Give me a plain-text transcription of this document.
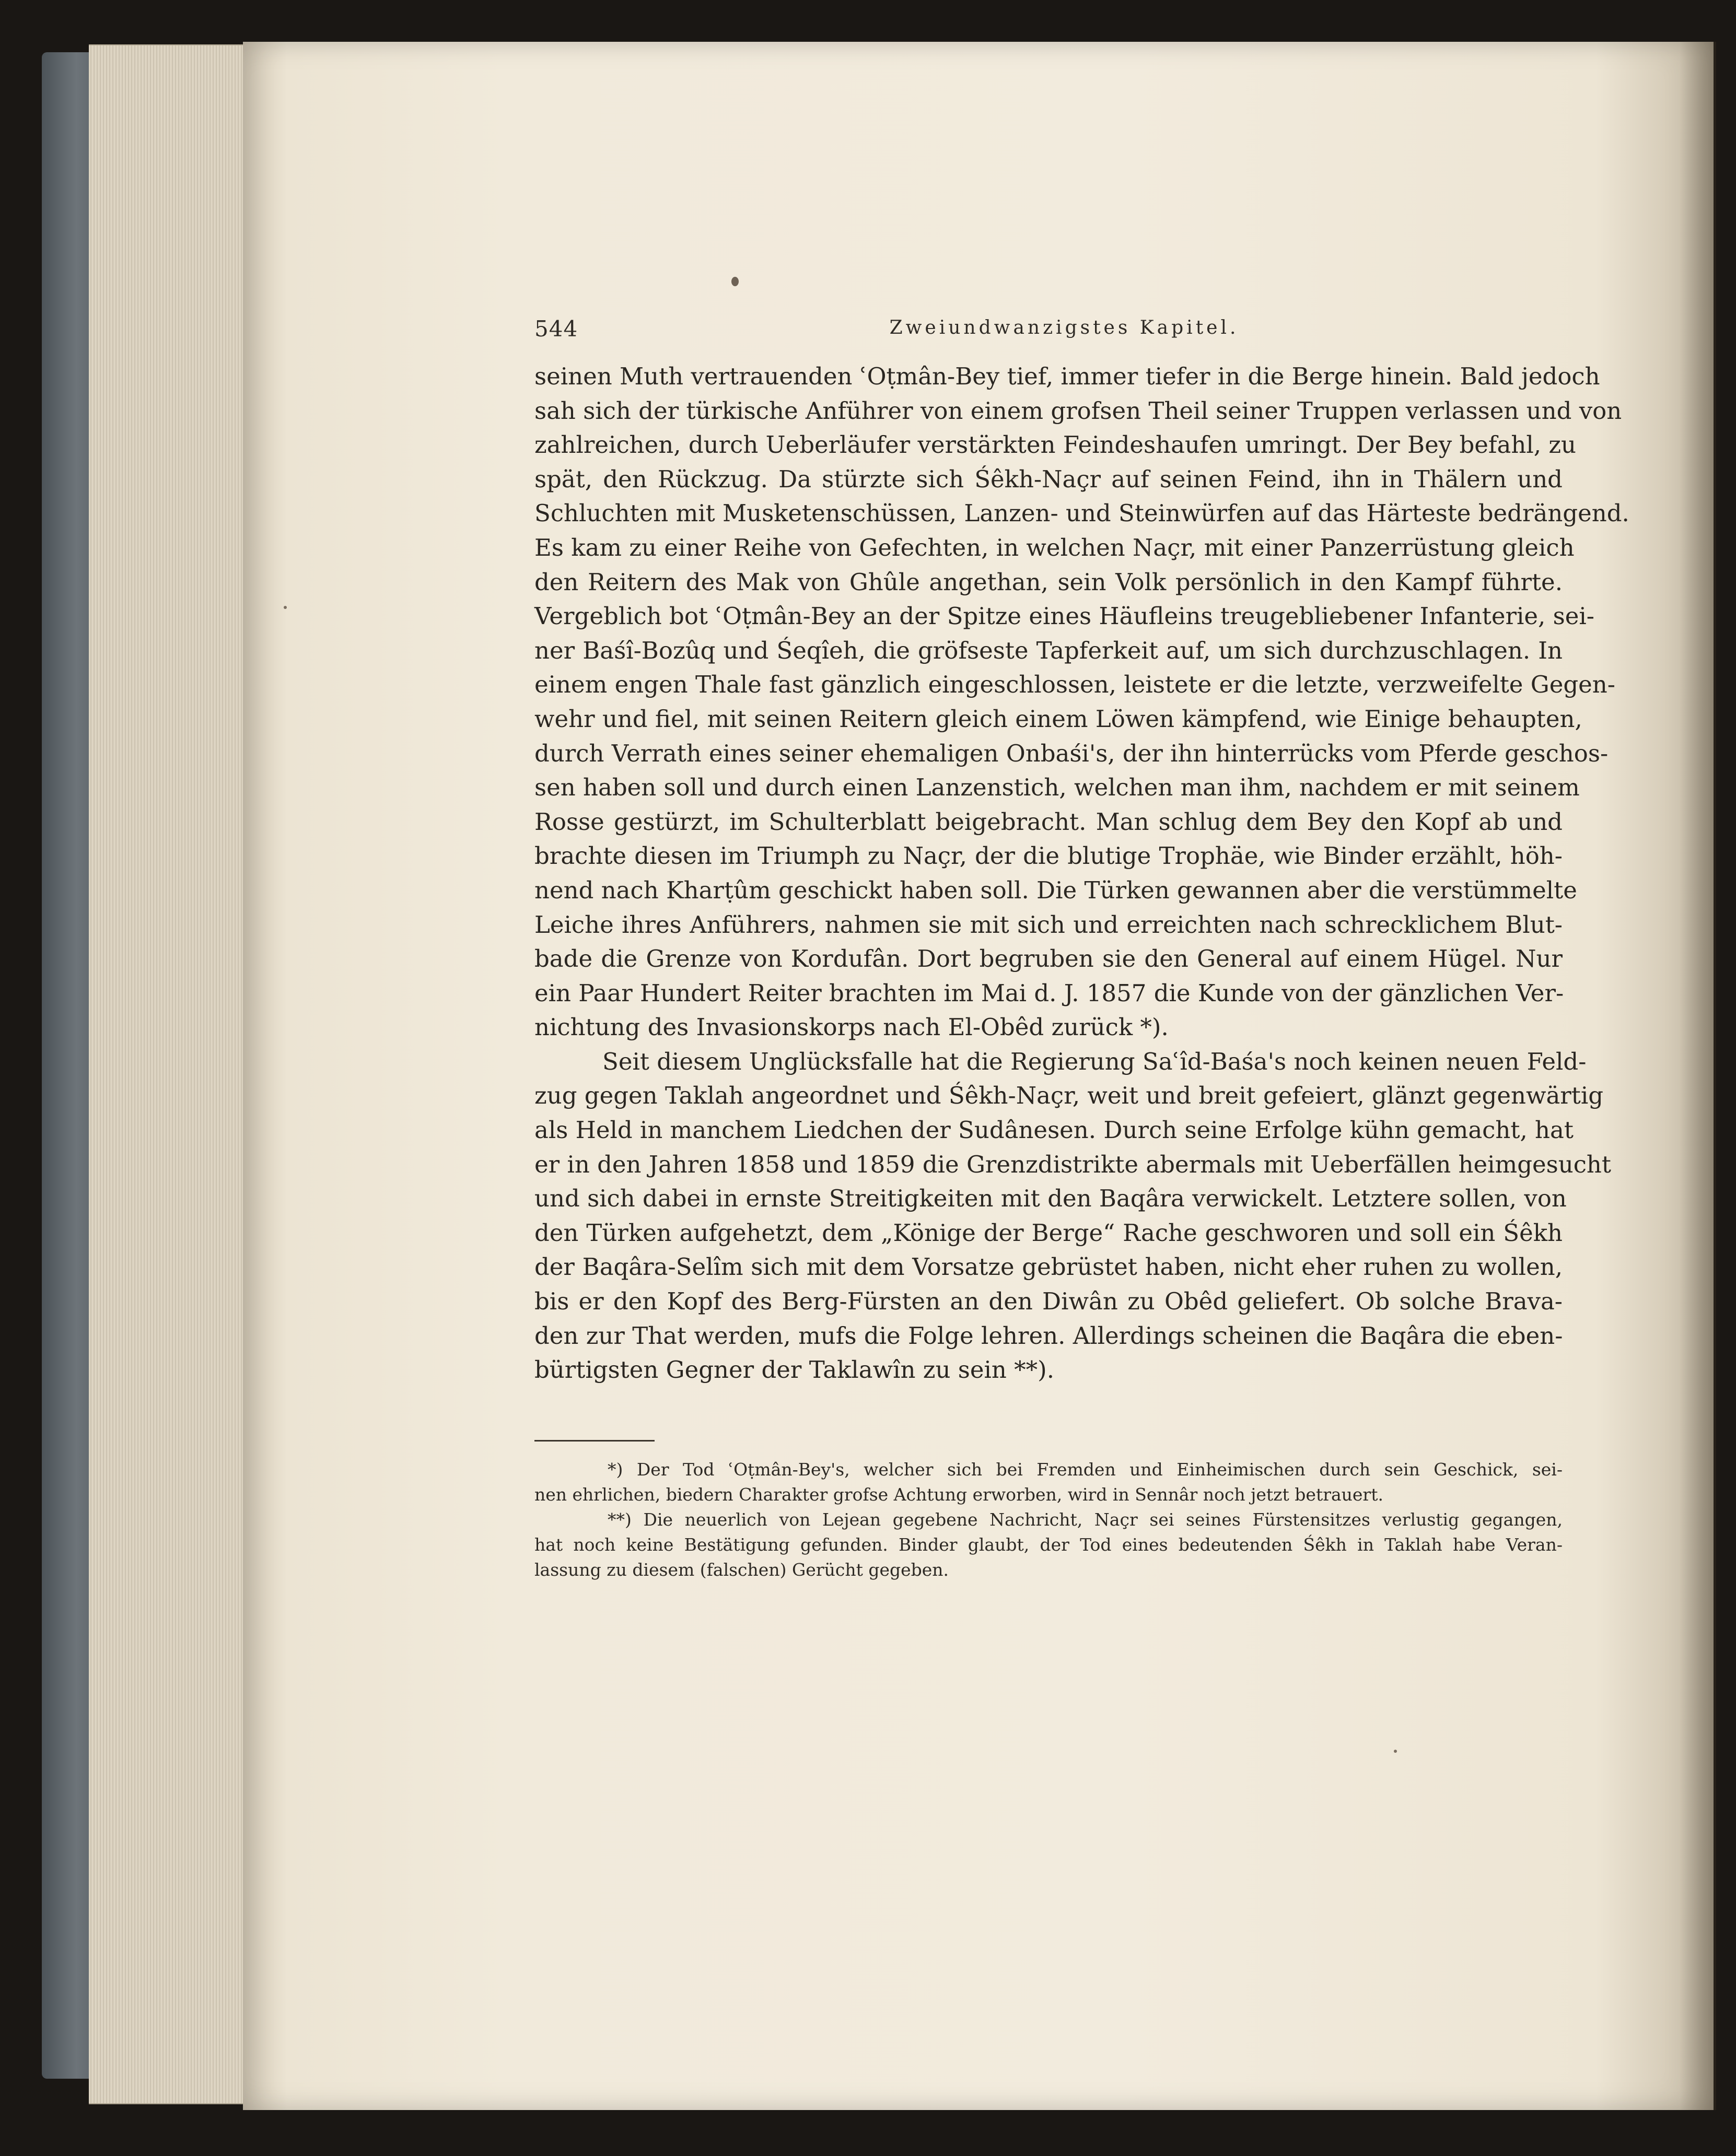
544	Zweiundwanzigstes Kapitel.
seinen Muth vertrauenden ʿOṭmân-Bey tief, immer tiefer in die Berge hinein. Bald jedoch
sah sich der türkische Anführer von einem grofsen Theil seiner Truppen verlassen und von
zahlreichen, durch Ueberläufer verstärkten Feindeshaufen umringt. Der Bey befahl, zu
spät, den Rückzug. Da stürzte sich Śêkh-Naçr auf seinen Feind, ihn in Thälern und
Schluchten mit Musketenschüssen, Lanzen- und Steinwürfen auf das Härteste bedrängend.
Es kam zu einer Reihe von Gefechten, in welchen Naçr, mit einer Panzerrüstung gleich
den Reitern des Mak von Ghûle angethan, sein Volk persönlich in den Kampf führte.
Vergeblich bot ʿOṭmân-Bey an der Spitze eines Häufleins treugebliebener Infanterie, sei-
ner Baśî-Bozûq und Śeqîeh, die gröfseste Tapferkeit auf, um sich durchzuschlagen. In
einem engen Thale fast gänzlich eingeschlossen, leistete er die letzte, verzweifelte Gegen-
wehr und fiel, mit seinen Reitern gleich einem Löwen kämpfend, wie Einige behaupten,
durch Verrath eines seiner ehemaligen Onbaśi's, der ihn hinterrücks vom Pferde geschos-
sen haben soll und durch einen Lanzenstich, welchen man ihm, nachdem er mit seinem
Rosse gestürzt, im Schulterblatt beigebracht. Man schlug dem Bey den Kopf ab und
brachte diesen im Triumph zu Naçr, der die blutige Trophäe, wie Binder erzählt, höh-
nend nach Kharṭûm geschickt haben soll. Die Türken gewannen aber die verstümmelte
Leiche ihres Anführers, nahmen sie mit sich und erreichten nach schrecklichem Blut-
bade die Grenze von Kordufân. Dort begruben sie den General auf einem Hügel. Nur
ein Paar Hundert Reiter brachten im Mai d. J. 1857 die Kunde von der gänzlichen Ver-
nichtung des Invasionskorps nach El-Obêd zurück *).
Seit diesem Unglücksfalle hat die Regierung Saʿîd-Baśa's noch keinen neuen Feld-
zug gegen Taklah angeordnet und Śêkh-Naçr, weit und breit gefeiert, glänzt gegenwärtig
als Held in manchem Liedchen der Sudânesen. Durch seine Erfolge kühn gemacht, hat
er in den Jahren 1858 und 1859 die Grenzdistrikte abermals mit Ueberfällen heimgesucht
und sich dabei in ernste Streitigkeiten mit den Baqâra verwickelt. Letztere sollen, von
den Türken aufgehetzt, dem „Könige der Berge“ Rache geschworen und soll ein Śêkh
der Baqâra-Selîm sich mit dem Vorsatze gebrüstet haben, nicht eher ruhen zu wollen,
bis er den Kopf des Berg-Fürsten an den Diwân zu Obêd geliefert. Ob solche Brava-
den zur That werden, mufs die Folge lehren. Allerdings scheinen die Baqâra die eben-
bürtigsten Gegner der Taklawîn zu sein **).
*) Der Tod ʿOṭmân-Bey's, welcher sich bei Fremden und Einheimischen durch sein Geschick, sei-
nen ehrlichen, biedern Charakter grofse Achtung erworben, wird in Sennâr noch jetzt betrauert.
**) Die neuerlich von Lejean gegebene Nachricht, Naçr sei seines Fürstensitzes verlustig gegangen,
hat noch keine Bestätigung gefunden. Binder glaubt, der Tod eines bedeutenden Śêkh in Taklah habe Veran-
lassung zu diesem (falschen) Gerücht gegeben.
